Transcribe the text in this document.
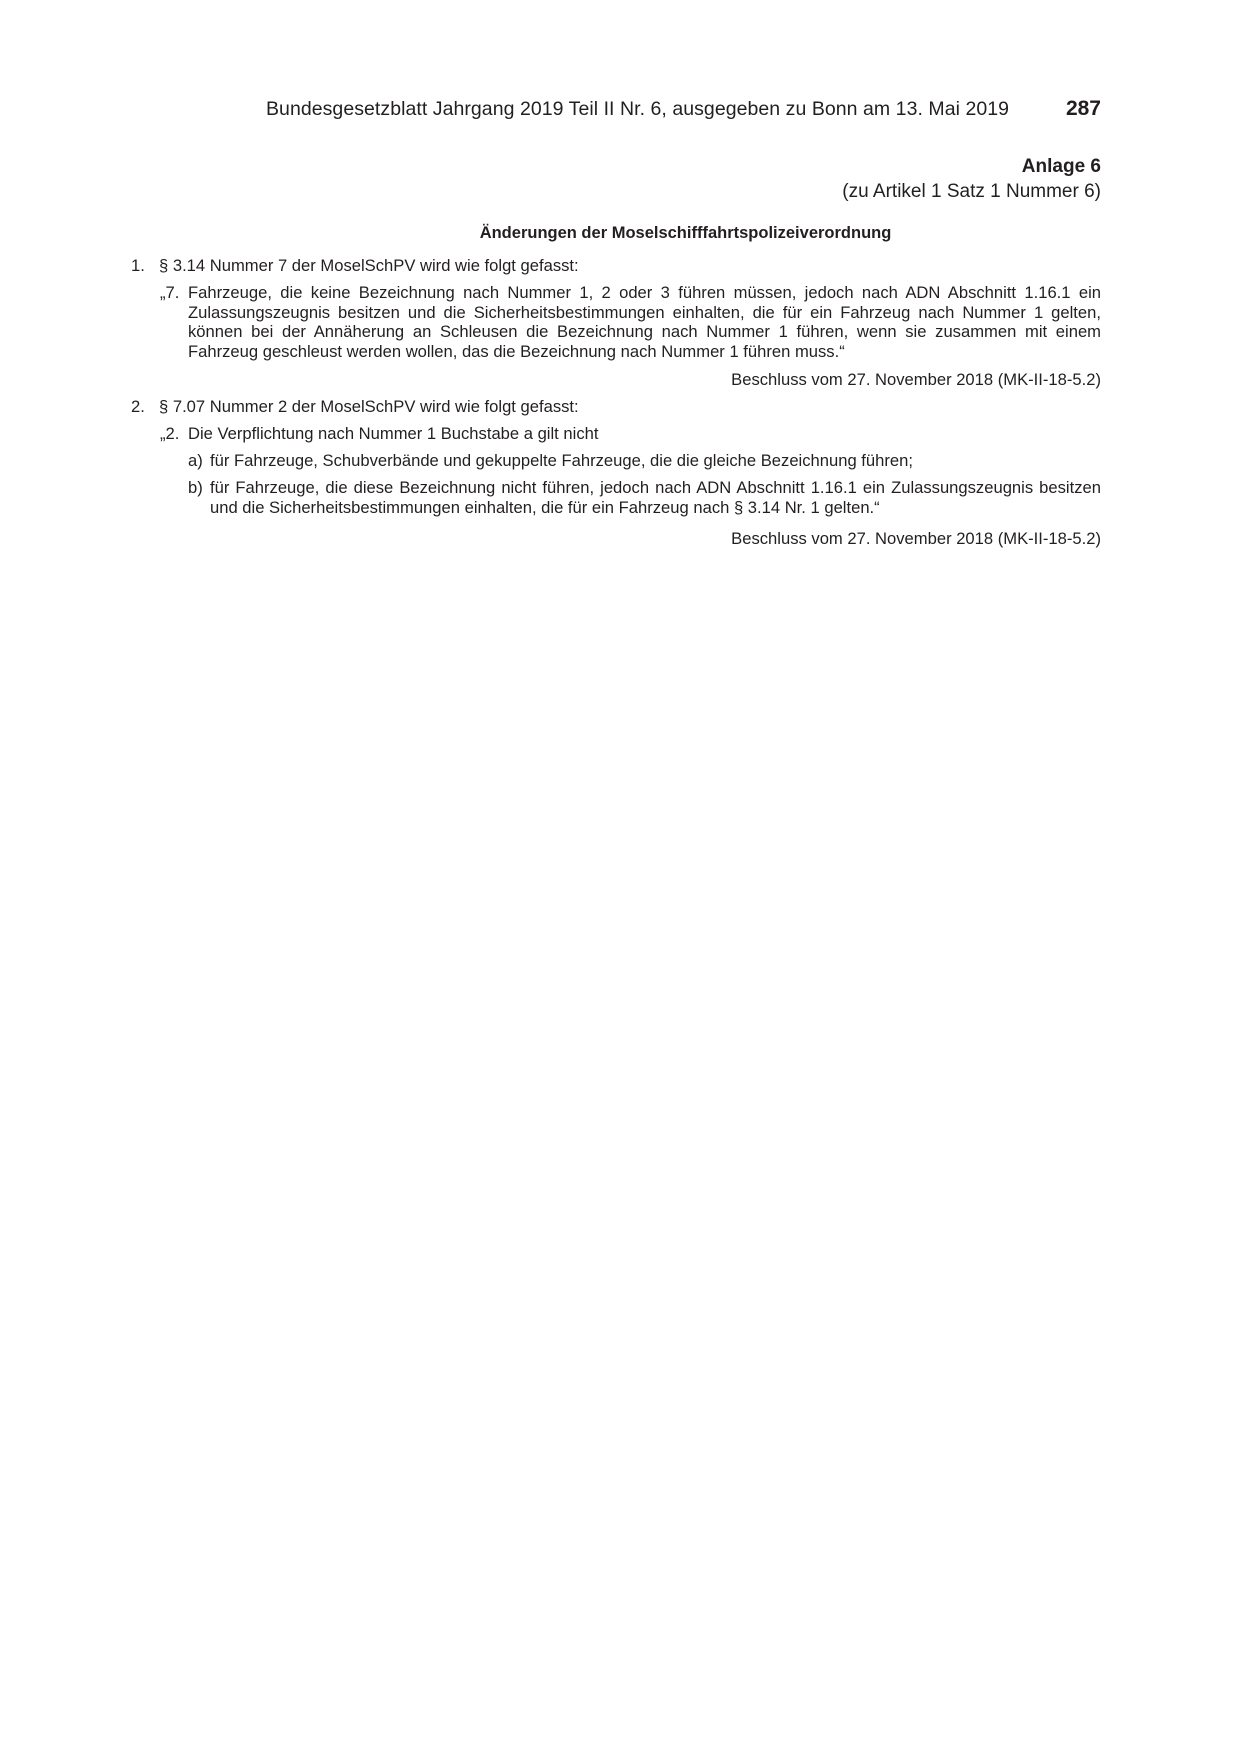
Bundesgesetzblatt Jahrgang 2019 Teil II Nr. 6, ausgegeben zu Bonn am 13. Mai 2019	287
Anlage 6
(zu Artikel 1 Satz 1 Nummer 6)
Änderungen der Moselschifffahrtspolizeiverordnung
1. § 3.14 Nummer 7 der MoselSchPV wird wie folgt gefasst:
„7. Fahrzeuge, die keine Bezeichnung nach Nummer 1, 2 oder 3 führen müssen, jedoch nach ADN Abschnitt 1.16.1 ein Zulassungszeugnis besitzen und die Sicherheitsbestimmungen einhalten, die für ein Fahrzeug nach Nummer 1 gelten, können bei der Annäherung an Schleusen die Bezeichnung nach Nummer 1 führen, wenn sie zusammen mit einem Fahrzeug geschleust werden wollen, das die Bezeichnung nach Nummer 1 führen muss.“
Beschluss vom 27. November 2018 (MK-II-18-5.2)
2. § 7.07 Nummer 2 der MoselSchPV wird wie folgt gefasst:
„2. Die Verpflichtung nach Nummer 1 Buchstabe a gilt nicht
a) für Fahrzeuge, Schubverbände und gekuppelte Fahrzeuge, die die gleiche Bezeichnung führen;
b) für Fahrzeuge, die diese Bezeichnung nicht führen, jedoch nach ADN Abschnitt 1.16.1 ein Zulassungszeugnis besitzen und die Sicherheitsbestimmungen einhalten, die für ein Fahrzeug nach § 3.14 Nr. 1 gelten.“
Beschluss vom 27. November 2018 (MK-II-18-5.2)
